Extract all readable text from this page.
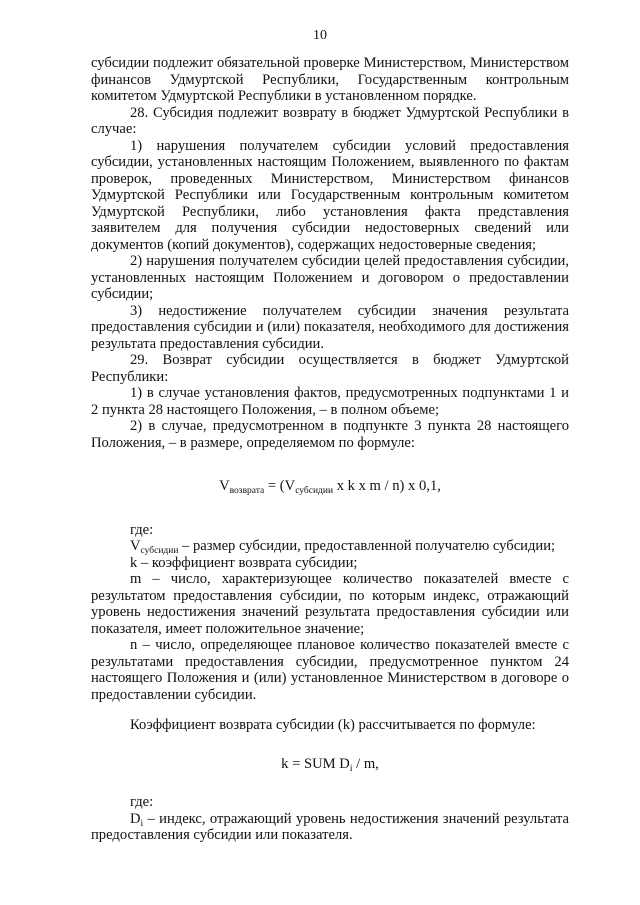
10

субсидии подлежит обязательной проверке Министерством, Министерством финансов Удмуртской Республики, Государственным контрольным комитетом Удмуртской Республики в установленном порядке.

28. Субсидия подлежит возврату в бюджет Удмуртской Республики в случае:

1) нарушения получателем субсидии условий предоставления субсидии, установленных настоящим Положением, выявленного по фактам проверок, проведенных Министерством, Министерством финансов Удмуртской Республики или Государственным контрольным комитетом Удмуртской Республики, либо установления факта представления заявителем для получения субсидии недостоверных сведений или документов (копий документов), содержащих недостоверные сведения;

2) нарушения получателем субсидии целей предоставления субсидии, установленных настоящим Положением и договором о предоставлении субсидии;

3) недостижение получателем субсидии значения результата предоставления субсидии и (или) показателя, необходимого для достижения результата предоставления субсидии.

29. Возврат субсидии осуществляется в бюджет Удмуртской Республики:

1) в случае установления фактов, предусмотренных подпунктами 1 и 2 пункта 28 настоящего Положения, – в полном объеме;

2) в случае, предусмотренном в подпункте 3 пункта 28 настоящего Положения, – в размере, определяемом по формуле:

$V_{возврата} = (V_{субсидии}$ x k x m / n) x 0,1,

где:

$V_{субсидии}$ – размер субсидии, предоставленной получателю субсидии;

k – коэффициент возврата субсидии;

m – число, характеризующее количество показателей вместе с результатом предоставления субсидии, по которым индекс, отражающий уровень недостижения значений результата предоставления субсидии или показателя, имеет положительное значение;

n – число, определяющее плановое количество показателей вместе с результатами предоставления субсидии, предусмотренное пунктом 24 настоящего Положения и (или) установленное Министерством в договоре о предоставлении субсидии.

Коэффициент возврата субсидии (k) рассчитывается по формуле:

k = SUM $D_i$ / m,

где:

$D_i$ – индекс, отражающий уровень недостижения значений результата предоставления субсидии или показателя.
